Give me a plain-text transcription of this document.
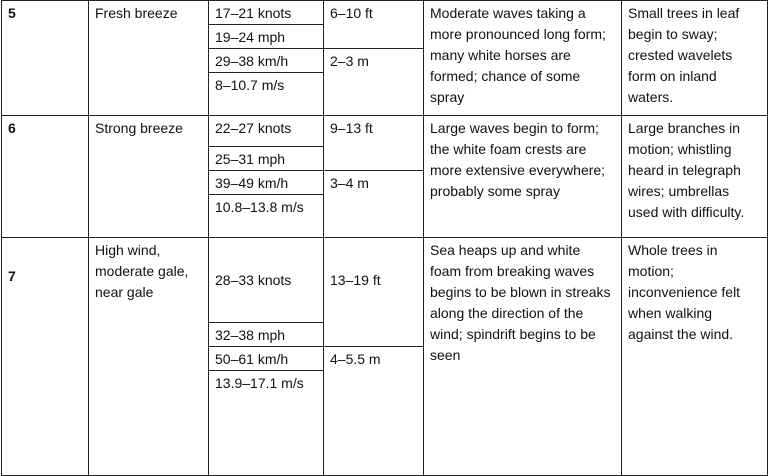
5	Fresh breeze	17–21 knots	6–10 ft	Moderate waves taking a more pronounced long form; many white horses are formed; chance of some spray	Small trees in leaf begin to sway; crested wavelets form on inland waters.
		19–24 mph			
		29–38 km/h	2–3 m		
		8–10.7 m/s			
6	Strong breeze	22–27 knots	9–13 ft	Large waves begin to form; the white foam crests are more extensive everywhere; probably some spray	Large branches in motion; whistling heard in telegraph wires; umbrellas used with difficulty.
		25–31 mph			
		39–49 km/h	3–4 m		
		10.8–13.8 m/s			
7	High wind, moderate gale, near gale	28–33 knots	13–19 ft	Sea heaps up and white foam from breaking waves begins to be blown in streaks along the direction of the wind; spindrift begins to be seen	Whole trees in motion; inconvenience felt when walking against the wind.
		32–38 mph			
		50–61 km/h	4–5.5 m		
		13.9–17.1 m/s			
